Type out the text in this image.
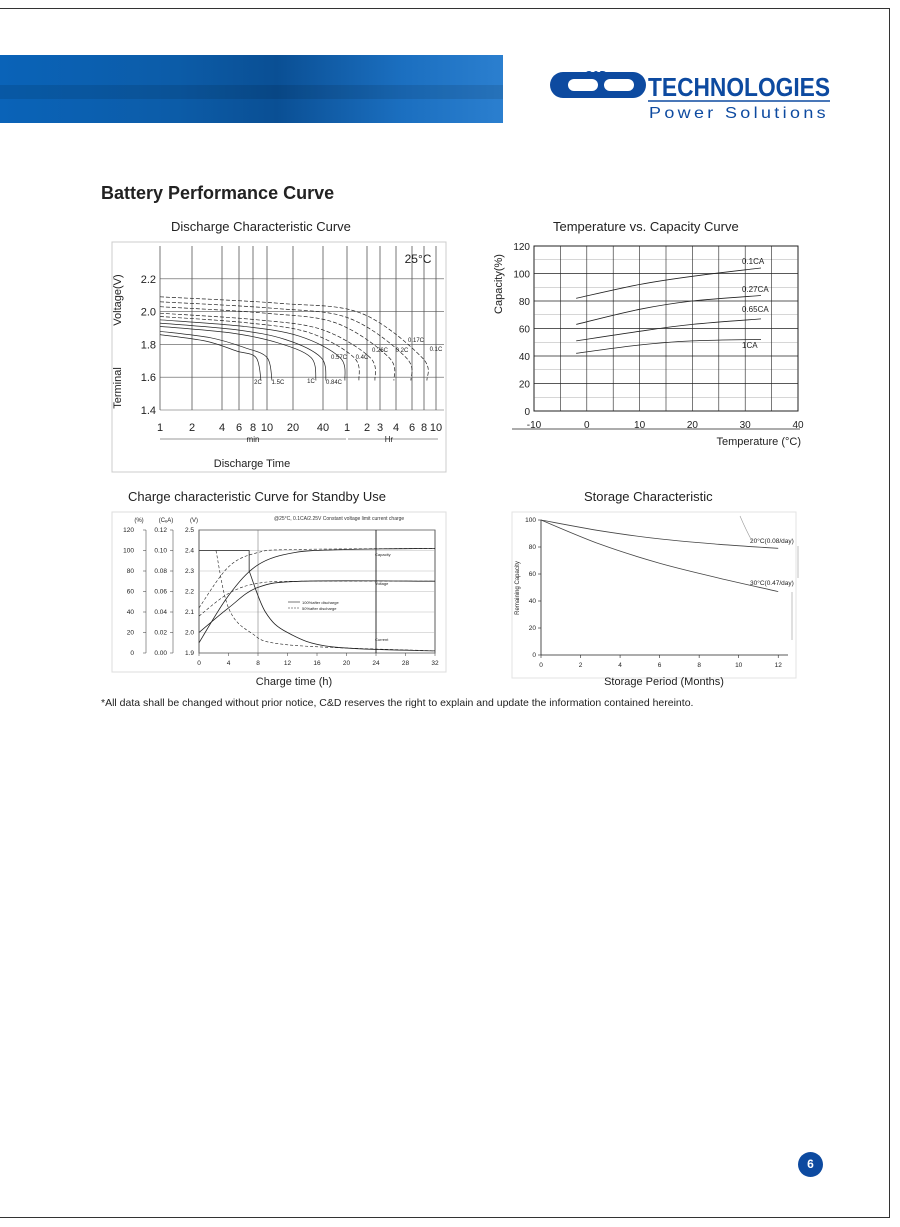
C&D TECHNOLOGIES
Power Solutions
Battery Performance Curve
Discharge Characteristic Curve
2.2
2.0
1.8
1.6
1.4
1 2 4 6 8 10 20 40 1 2 3 4 6 8 10
2C 1.5C	1C 0.84C
0.57C 0.4C
0.26C 0.2C
0.17C
0.1C
Terminal
Voltage(V)
25°C
Discharge Time
min	Hr
Temperature vs. Capacity Curve
-10	0	10	20	30	40
120
100
80
60
40
20
0
0.1CA
0.27CA
0.65CA
1CA
Capacity(%)
Temperature (°C)
Charge characteristic Curve for Standby Use
2.5
0.12
120
2.4
0.10
100
2.3
0.08
80
2.2
0.06
60
2.1
0.04
40
2.0
0.02
20
1.9
0.00
0
0	4	8	12	16	20	24	28	32
100%after discharge
50%after discharge
Capacity
Voltage
Current
(%)	(CₑA)	(V)	@25°C, 0.1CA/2.25V Constant voltage limit current charge
Charge time (h)
Storage Characteristic
100
80
60
40
20
0
0	2	4	6	8	10	12
20°C(0.08/day)
30°C(0.47/day)
Remaining Capacity
Storage Period (Months)
*All data shall be changed without prior notice, C&D reserves the right to explain and update the information contained hereinto.
6
